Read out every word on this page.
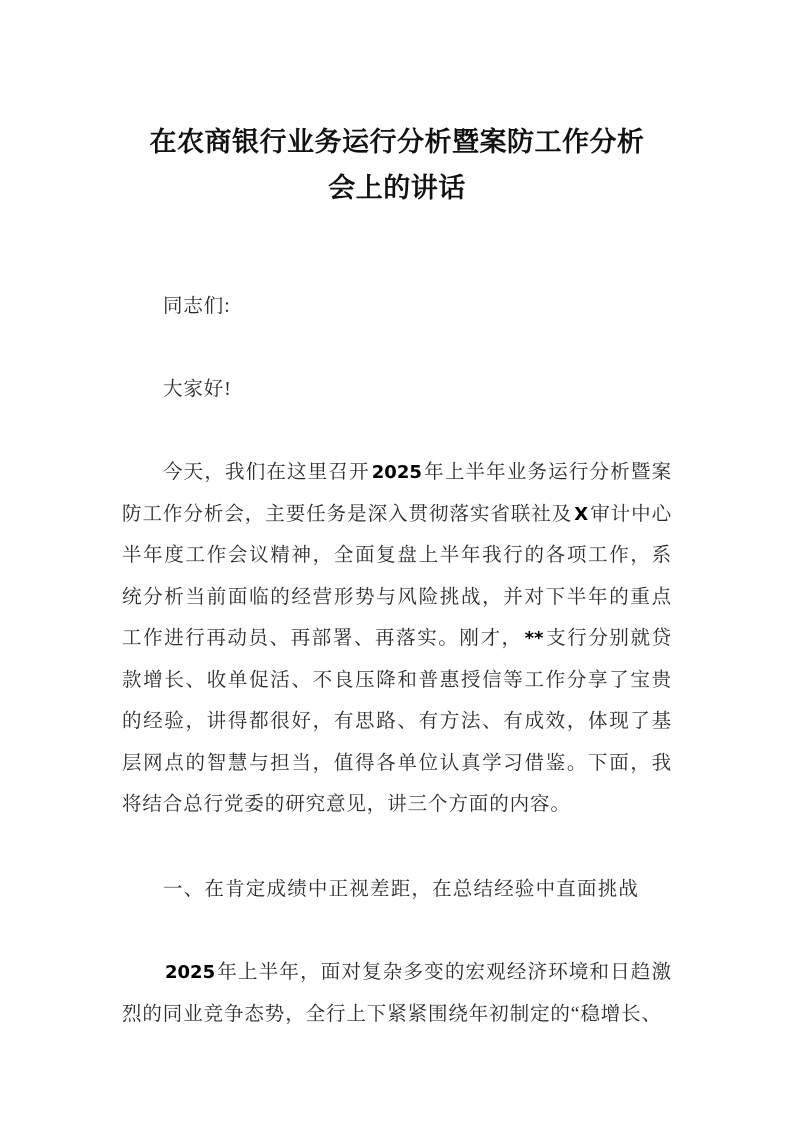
在农商银行业务运行分析暨案防工作分析
会上的讲话

同志们:

大家好!

今天，我们在这里召开 2025 年上半年业务运行分析暨案防工作分析会，主要任务是深入贯彻落实省联社及 X 审计中心半年度工作会议精神，全面复盘上半年我行的各项工作，系统分析当前面临的经营形势与风险挑战，并对下半年的重点工作进行再动员、再部署、再落实。刚才， ** 支行分别就贷款增长、收单促活、不良压降和普惠授信等工作分享了宝贵的经验，讲得都很好，有思路、有方法、有成效，体现了基层网点的智慧与担当，值得各单位认真学习借鉴。下面，我将结合总行党委的研究意见，讲三个方面的内容。

一、在肯定成绩中正视差距，在总结经验中直面挑战

2025 年上半年，面对复杂多变的宏观经济环境和日趋激烈的同业竞争态势，全行上下紧紧围绕年初制定的“稳增长、
